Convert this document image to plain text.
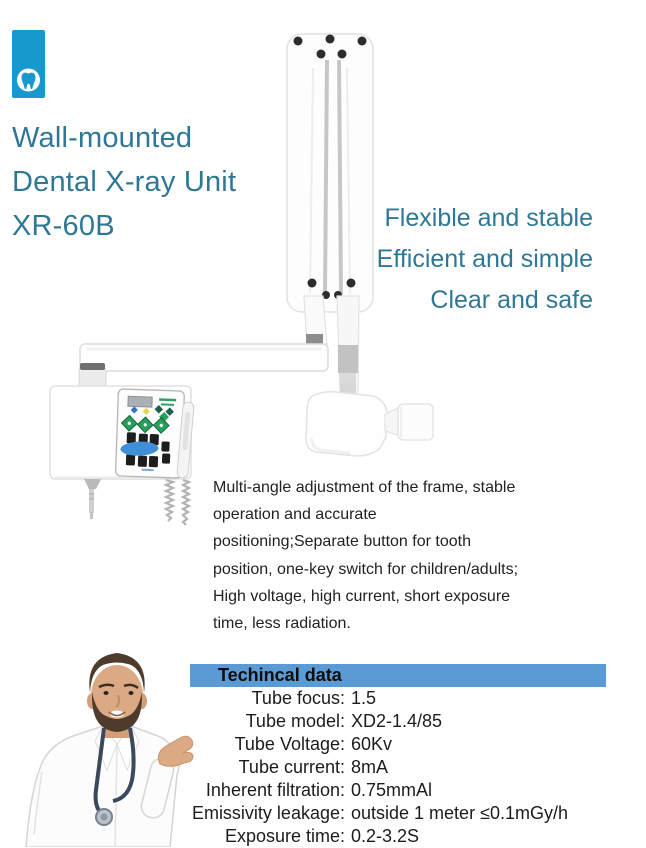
Wall-mounted
Dental X-ray Unit
XR-60B	Flexible and stable
Efficient and simple
Clear and safe
Multi-angle adjustment of the frame, stable
operation and accurate
positioning;Separate button for tooth
position, one-key switch for children/adults;
High voltage, high current, short exposure
time, less radiation.
Techincal data
Tube focus: 1.5
Tube model: XD2-1.4/85
Tube Voltage: 60Kv
Tube current: 8mA
Inherent filtration: 0.75mmAl
Emissivity leakage: outside 1 meter ≤0.1mGy/h
Exposure time: 0.2-3.2S
